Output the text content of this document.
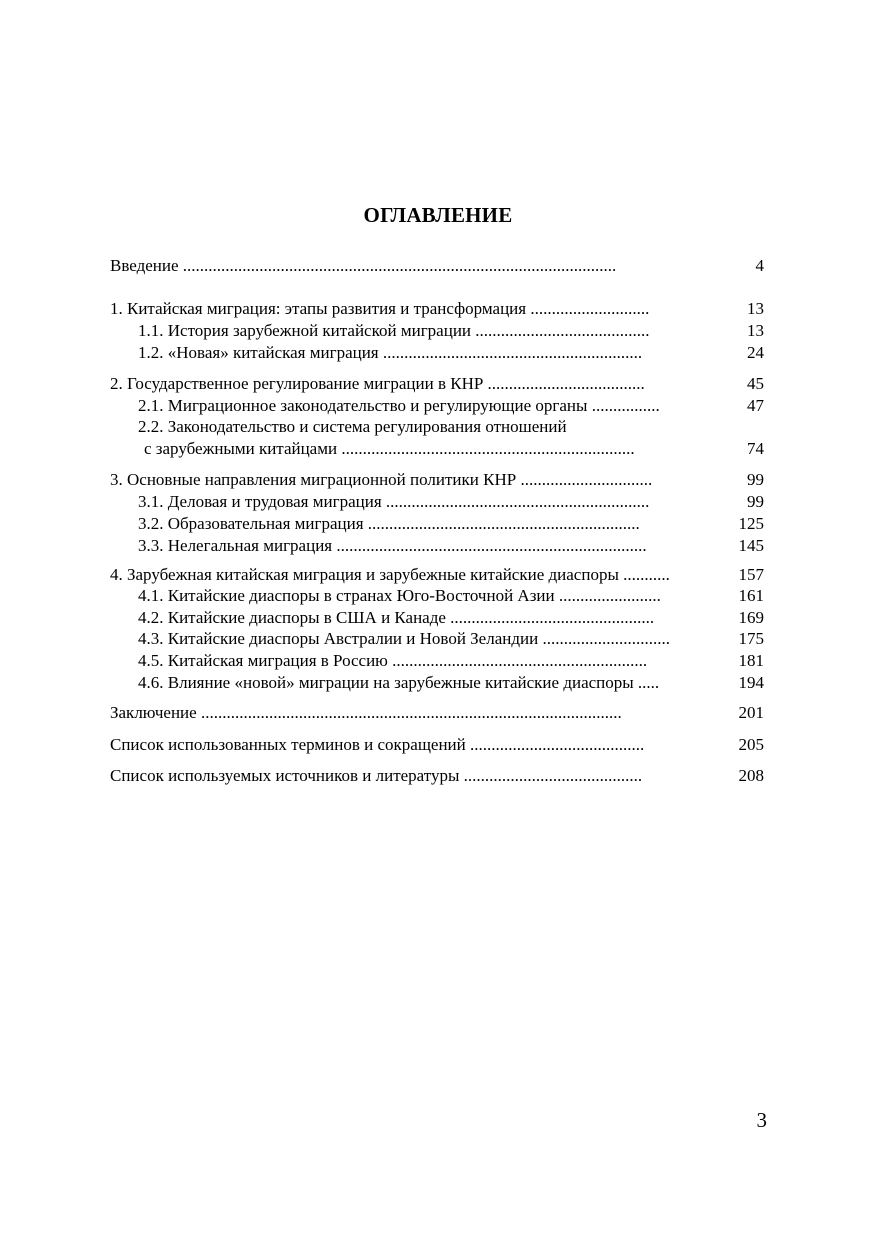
ОГЛАВЛЕНИЕ
Введение ......................................................................................................	4
1. Китайская миграция: этапы развития и трансформация ............................	13
1.1. История зарубежной китайской миграции .........................................	13
1.2. «Новая» китайская миграция .............................................................	24
2. Государственное регулирование миграции в КНР .....................................	45
2.1. Миграционное законодательство и регулирующие органы ................	47
2.2. Законодательство и система регулирования отношений
с зарубежными китайцами .....................................................................	74
3. Основные направления миграционной политики КНР ...............................	99
3.1. Деловая и трудовая миграция ..............................................................	99
3.2. Образовательная миграция ................................................................	125
3.3. Нелегальная миграция .........................................................................	145
4. Зарубежная китайская миграция и зарубежные китайские диаспоры ...........	157
4.1. Китайские диаспоры в странах Юго-Восточной Азии ........................	161
4.2. Китайские диаспоры в США и Канаде ................................................	169
4.3. Китайские диаспоры Австралии и Новой Зеландии ..............................	175
4.5. Китайская миграция в Россию ............................................................	181
4.6. Влияние «новой» миграции на зарубежные китайские диаспоры .....	194
Заключение ...................................................................................................	201
Список использованных терминов и сокращений .........................................	205
Список используемых источников и литературы ..........................................	208
3
